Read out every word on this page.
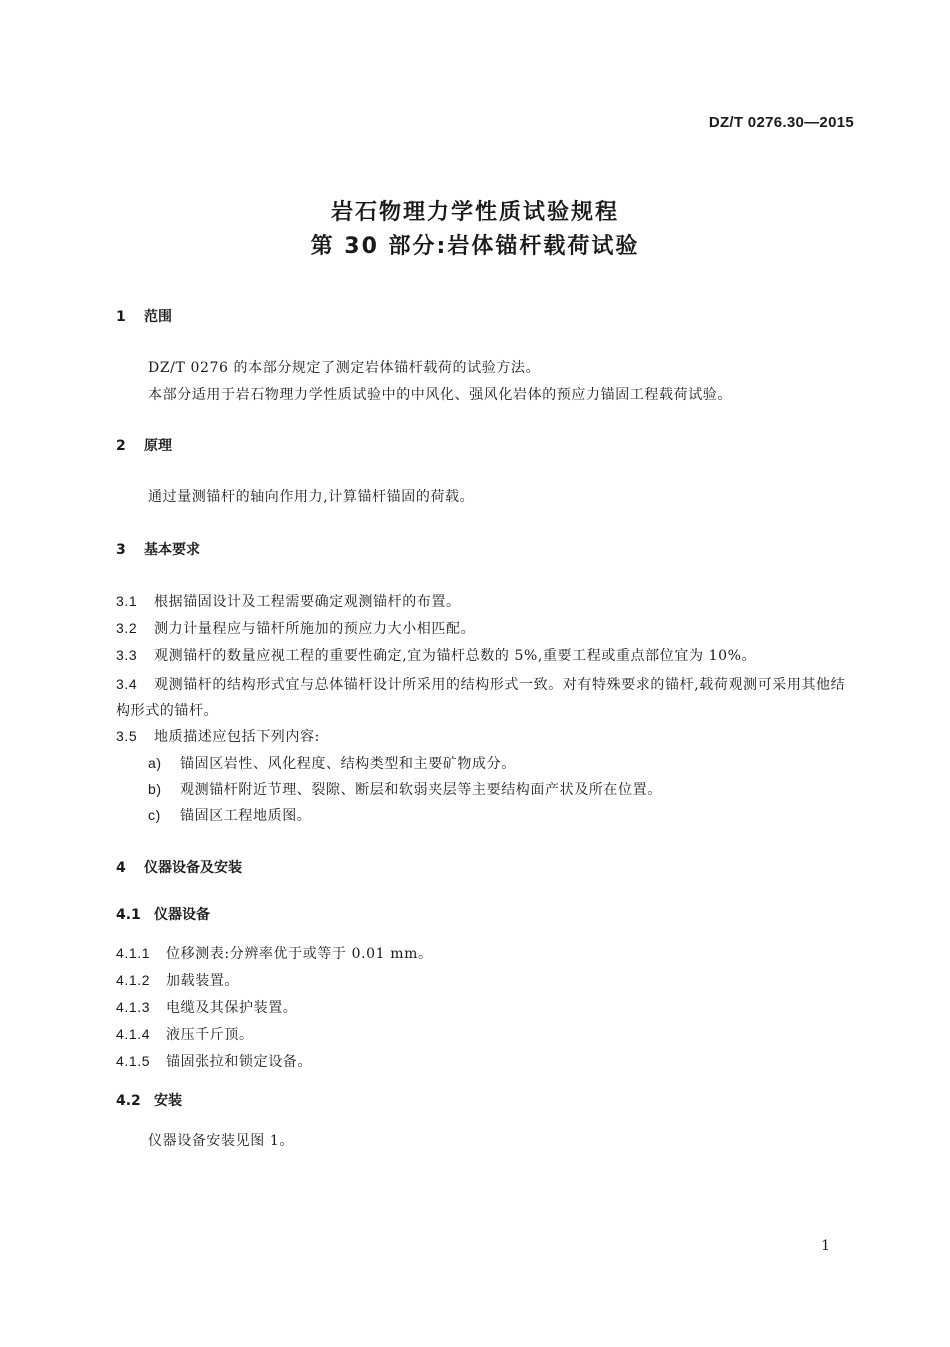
DZ/T 0276.30—2015
岩石物理力学性质试验规程
第 30 部分:岩体锚杆载荷试验
1 范围
DZ/T 0276 的本部分规定了测定岩体锚杆载荷的试验方法。
本部分适用于岩石物理力学性质试验中的中风化、强风化岩体的预应力锚固工程载荷试验。
2 原理
通过量测锚杆的轴向作用力,计算锚杆锚固的荷载。
3 基本要求
3.1 根据锚固设计及工程需要确定观测锚杆的布置。
3.2 测力计量程应与锚杆所施加的预应力大小相匹配。
3.3 观测锚杆的数量应视工程的重要性确定,宜为锚杆总数的 5%,重要工程或重点部位宜为 10%。
3.4 观测锚杆的结构形式宜与总体锚杆设计所采用的结构形式一致。对有特殊要求的锚杆,载荷观测可采用其他结构形式的锚杆。
3.5 地质描述应包括下列内容:
a) 锚固区岩性、风化程度、结构类型和主要矿物成分。
b) 观测锚杆附近节理、裂隙、断层和软弱夹层等主要结构面产状及所在位置。
c) 锚固区工程地质图。
4 仪器设备及安装
4.1 仪器设备
4.1.1 位移测表:分辨率优于或等于 0.01 mm。
4.1.2 加载装置。
4.1.3 电缆及其保护装置。
4.1.4 液压千斤顶。
4.1.5 锚固张拉和锁定设备。
4.2 安装
仪器设备安装见图 1。
1
